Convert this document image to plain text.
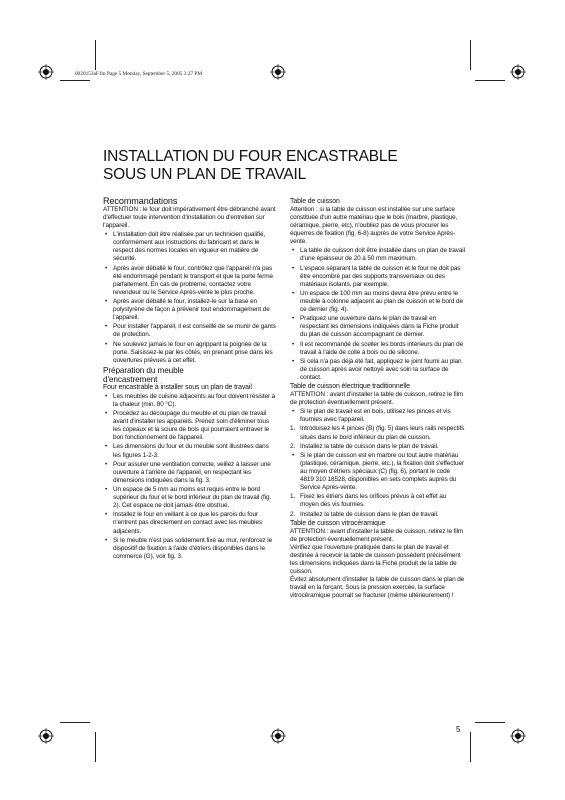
0020153aF.fm Page 5 Monday, September 5, 2005 3:27 PM
INSTALLATION DU FOUR ENCASTRABLE
SOUS UN PLAN DE TRAVAIL
Recommandations

ATTENTION : le four doit impérativement être débranché avant d'effectuer toute intervention d'installation ou d'entretien sur l'appareil.

• L'installation doit être réalisée par un technicien qualifié, conformément aux instructions du fabricant et dans le respect des normes locales en vigueur en matière de sécurité.
• Après avoir déballé le four, contrôlez que l'appareil n'a pas été endommagé pendant le transport et que la porte ferme parfaitement. En cas de problème, contactez votre revendeur ou le Service Après-vente le plus proche.
• Après avoir déballé le four, installez-le sur la base en polystyrène de façon à prévenir tout endommagement de l'appareil.
• Pour installer l'appareil, il est conseillé de se munir de gants de protection.
• Ne soulevez jamais le four en agrippant la poignée de la porte. Saisissez-le par les côtés, en prenant prise dans les ouvertures prévues à cet effet.
Préparation du meuble
d'encastrement

Four encastrable à installer sous un plan de travail

• Les meubles de cuisine adjacents au four doivent résister à la chaleur (min. 80 °C).
• Procédez au découpage du meuble et du plan de travail avant d'installer les appareils. Prenez soin d'éliminer tous les copeaux et la sciure de bois qui pourraient entraver le bon fonctionnement de l'appareil.
• Les dimensions du four et du meuble sont illustrées dans les figures 1-2-3.
• Pour assurer une ventilation correcte, veillez à laisser une ouverture à l'arrière de l'appareil, en respectant les dimensions indiquées dans la fig. 3.
• Un espace de 5 mm au moins est requis entre le bord supérieur du four et le bord inférieur du plan de travail (fig. 2). Cet espace ne doit jamais être obstrué.
• Installez le four en veillant à ce que les parois du four n'entrent pas directement en contact avec les meubles adjacents.
• Si le meuble n'est pas solidement fixé au mur, renforcez le dispositif de fixation à l'aide d'étriers disponibles dans le commerce (G), voir fig. 3.
Table de cuisson

Attention : si la table de cuisson est installée sur une surface constituée d'un autre matériau que le bois (marbre, plastique, céramique, pierre, etc), n'oubliez pas de vous procurer les équerres de fixation (fig. 6-8) auprès de votre Service Après-vente.

• La table de cuisson doit être installée dans un plan de travail d'une épaisseur de 20 à 50 mm maximum.
• L'espace séparant la table de cuisson et le four ne doit pas être encombré par des supports transversaux ou des matériaux isolants, par exemple.
• Un espace de 100 mm au moins devra être prévu entre le meuble à colonne adjacent au plan de cuisson et le bord de ce dernier (fig. 4).
• Pratiquez une ouverture dans le plan de travail en respectant les dimensions indiquées dans la Fiche produit du plan de cuisson accompagnant ce dernier.
• Il est recommandé de sceller les bords intérieurs du plan de travail à l'aide de colle à bois ou de silicone.
• Si cela n'a pas déjà été fait, appliquez le joint fourni au plan de cuisson après avoir nettoyé avec soin la surface de contact.
Table de cuisson électrique traditionnelle

ATTENTION : avant d'installer la table de cuisson, retirez le film de protection éventuellement présent.

• Si le plan de travail est en bois, utilisez les pinces et vis fournies avec l'appareil.
1. Introduisez les 4 pinces (B) (fig. 5) dans leurs rails respectifs situés dans le bord inférieur du plan de cuisson.
2. Installez la table de cuisson dans le plan de travail.
• Si le plan de cuisson est en marbre ou tout autre matériau (plastique, céramique, pierre, etc.), la fixation doit s'effectuer au moyen d'étriers spéciaux (C) (fig. 6), portant le code 4819 310 18528, disponibles en sets complets auprès du Service Après-vente.
1. Fixez les étriers dans les orifices prévus à cet effet au moyen des vis fournies.
2. Installez la table de cuisson dans le plan de travail.
Table de cuisson vitrocéramique

ATTENTION : avant d'installer la table de cuisson, retirez le film de protection éventuellement présent.

Vérifiez que l'ouverture pratiquée dans le plan de travail et destinée à recevoir la table de cuisson possèdent précisément les dimensions indiquées dans la Fiche produit de la table de cuisson.

Évitez absolument d'installer la table de cuisson dans le plan de travail en la forçant. Sous la pression exercée, la surface vitrocéramique pourrait se fracturer (même ultérieurement) !

5
